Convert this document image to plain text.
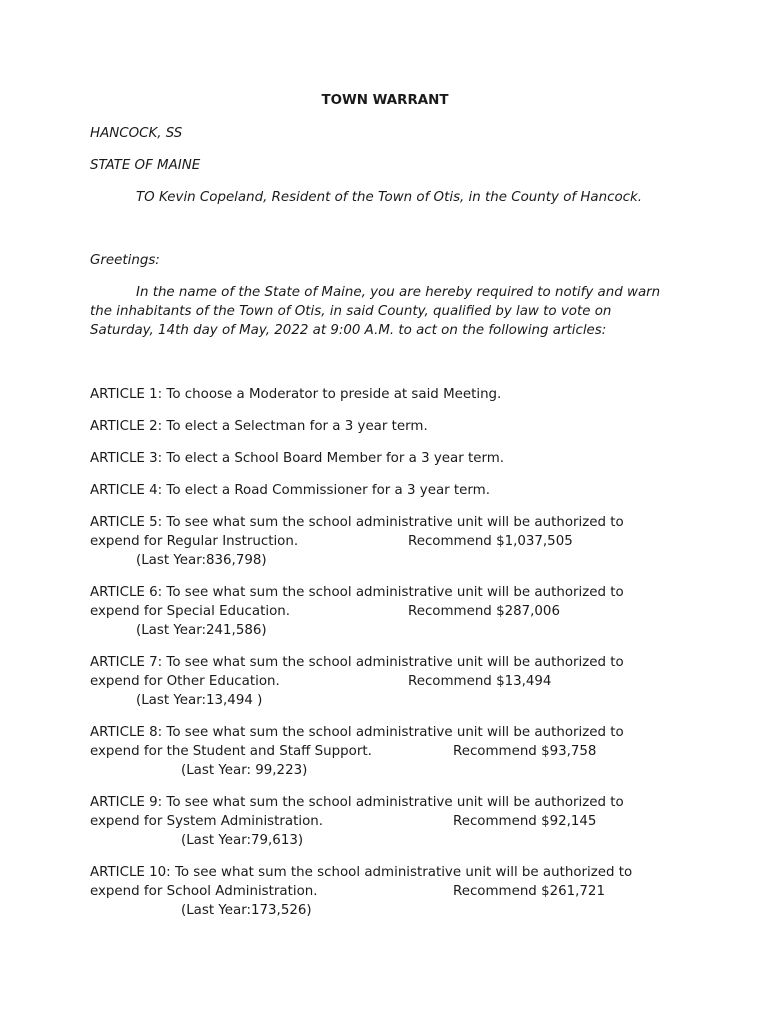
TOWN WARRANT
HANCOCK, SS
STATE OF MAINE
TO Kevin Copeland, Resident of the Town of Otis, in the County of Hancock.
Greetings:
In the name of the State of Maine, you are hereby required to notify and warn
the inhabitants of the Town of Otis, in said County, qualified by law to vote on
Saturday, 14th day of May, 2022 at 9:00 A.M. to act on the following articles:
ARTICLE 1: To choose a Moderator to preside at said Meeting.
ARTICLE 2: To elect a Selectman for a 3 year term.
ARTICLE 3: To elect a School Board Member for a 3 year term.
ARTICLE 4: To elect a Road Commissioner for a 3 year term.
ARTICLE 5: To see what sum the school administrative unit will be authorized to
expend for Regular Instruction.	Recommend $1,037,505
(Last Year:836,798)
ARTICLE 6: To see what sum the school administrative unit will be authorized to
expend for Special Education.	Recommend $287,006
(Last Year:241,586)
ARTICLE 7: To see what sum the school administrative unit will be authorized to
expend for Other Education.	Recommend $13,494
(Last Year:13,494 )
ARTICLE 8: To see what sum the school administrative unit will be authorized to
expend for the Student and Staff Support.	Recommend $93,758
(Last Year: 99,223)
ARTICLE 9: To see what sum the school administrative unit will be authorized to
expend for System Administration.	Recommend $92,145
(Last Year:79,613)
ARTICLE 10: To see what sum the school administrative unit will be authorized to
expend for School Administration.	Recommend $261,721
(Last Year:173,526)
